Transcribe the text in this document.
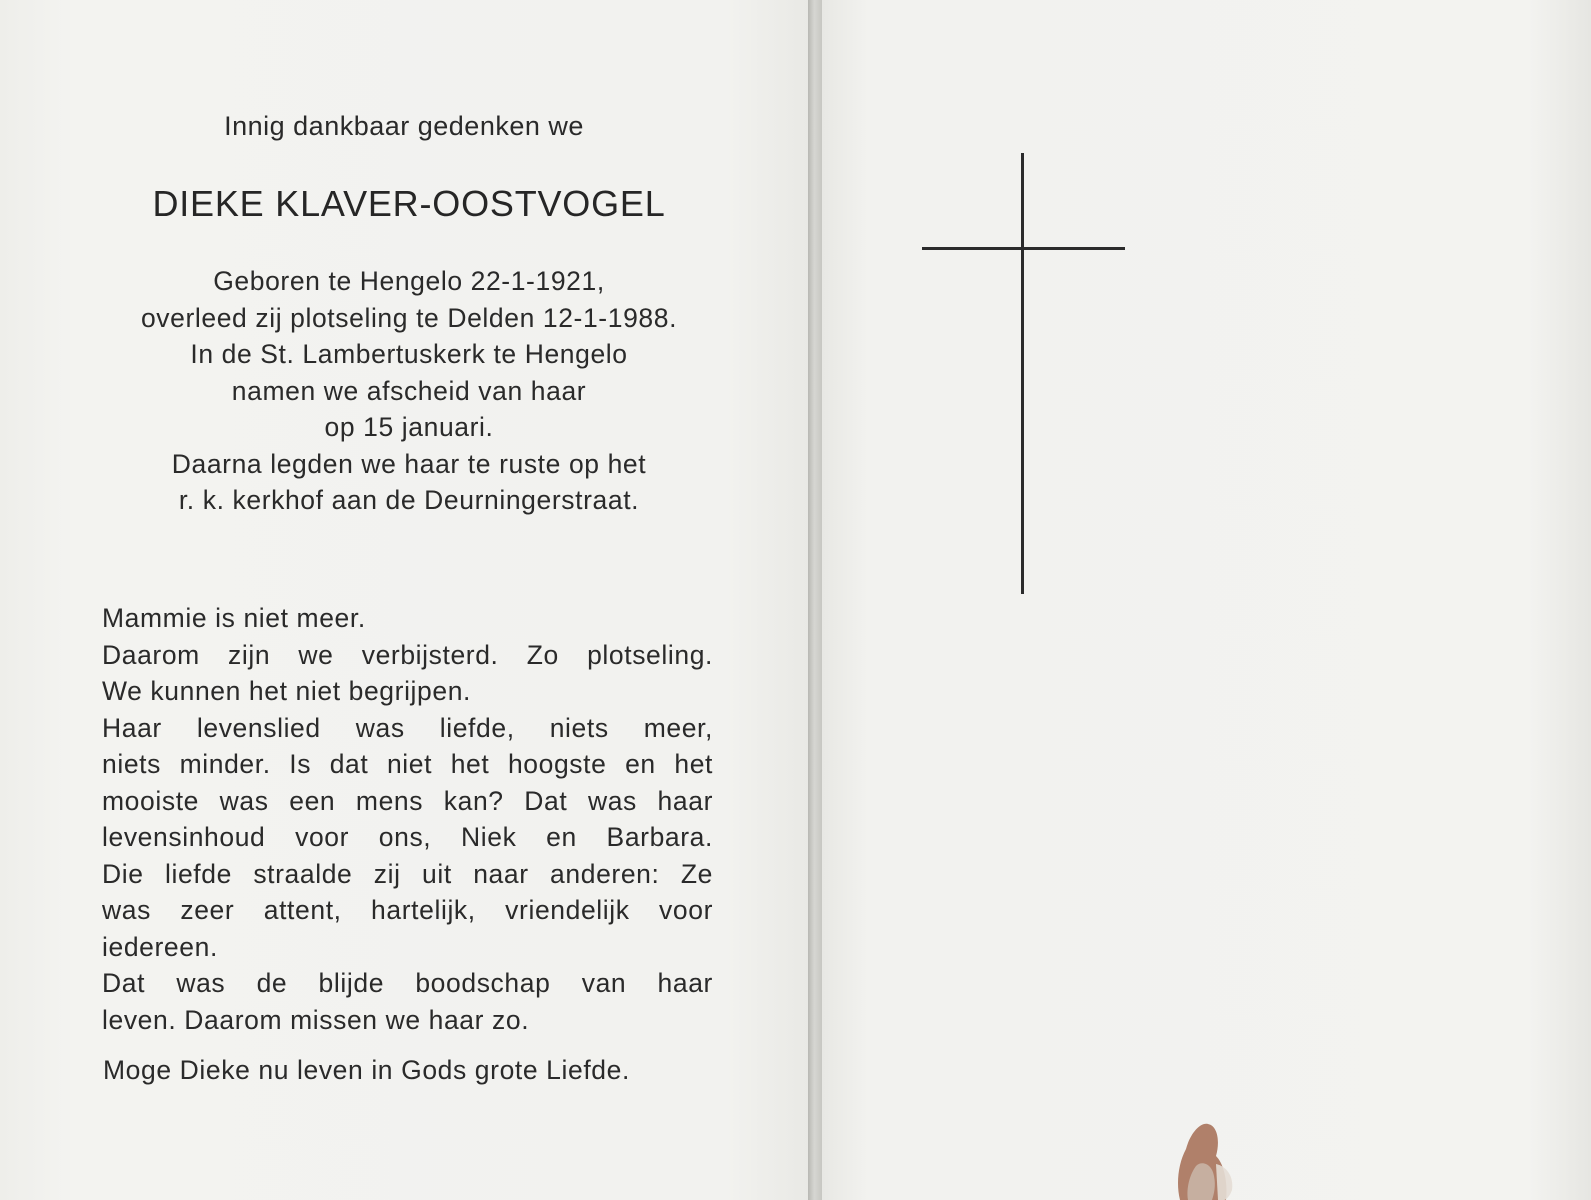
Innig dankbaar gedenken we
DIEKE KLAVER-OOSTVOGEL
Geboren te Hengelo 22-1-1921,
overleed zij plotseling te Delden 12-1-1988.
In de St. Lambertuskerk te Hengelo
namen we afscheid van haar
op 15 januari.
Daarna legden we haar te ruste op het
r. k. kerkhof aan de Deurningerstraat.
Mammie is niet meer.
Daarom zijn we verbijsterd. Zo plotseling.
We kunnen het niet begrijpen.
Haar levenslied was liefde, niets meer,
niets minder. Is dat niet het hoogste en het
mooiste was een mens kan? Dat was haar
levensinhoud voor ons, Niek en Barbara.
Die liefde straalde zij uit naar anderen: Ze
was zeer attent, hartelijk, vriendelijk voor
iedereen.
Dat was de blijde boodschap van haar
leven. Daarom missen we haar zo.
Moge Dieke nu leven in Gods grote Liefde.
